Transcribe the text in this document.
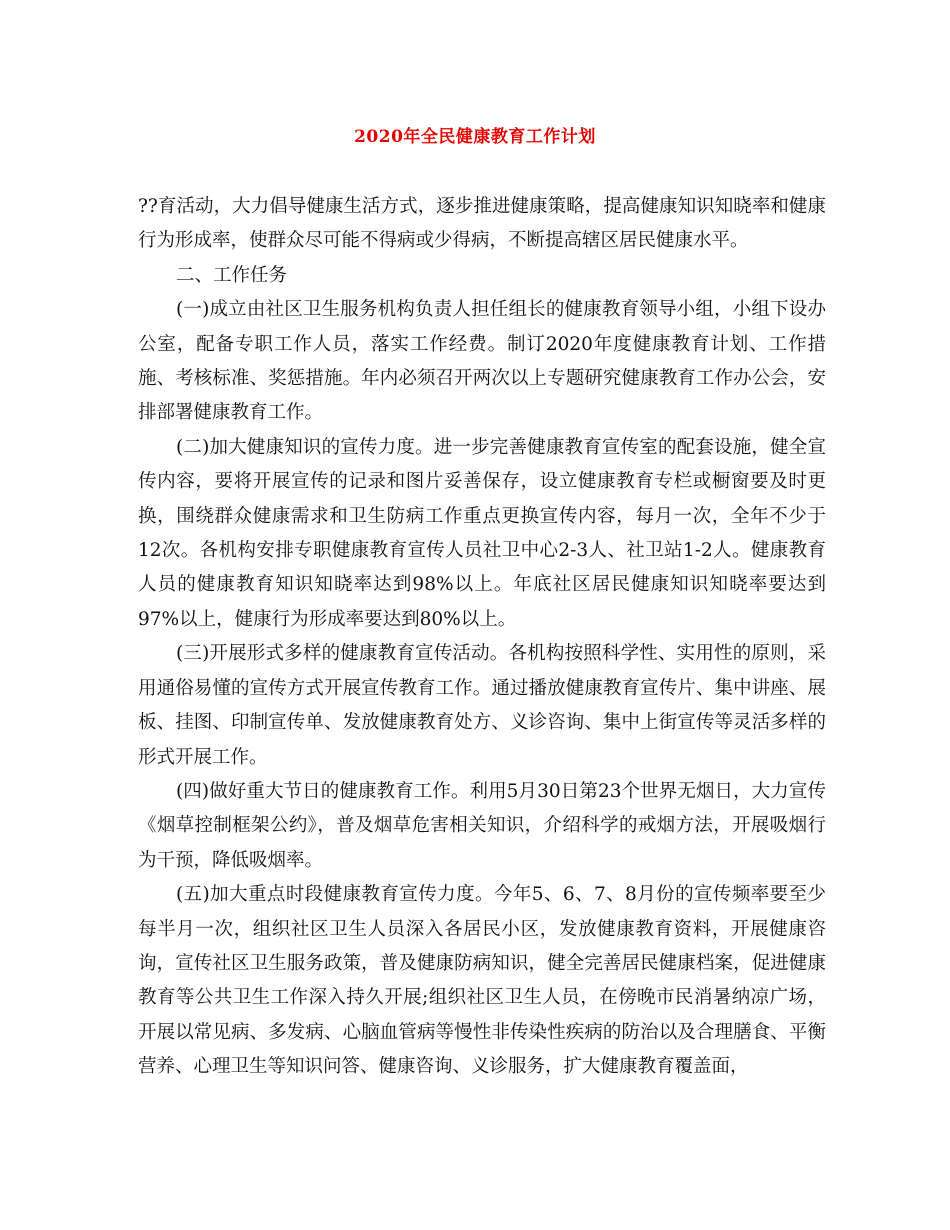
2020年全民健康教育工作计划

??育活动，大力倡导健康生活方式，逐步推进健康策略，提高健康知识知晓率和健康行为形成率，使群众尽可能不得病或少得病，不断提高辖区居民健康水平。

二、工作任务

(一)成立由社区卫生服务机构负责人担任组长的健康教育领导小组，小组下设办公室，配备专职工作人员，落实工作经费。制订2020年度健康教育计划、工作措施、考核标准、奖惩措施。年内必须召开两次以上专题研究健康教育工作办公会，安排部署健康教育工作。

(二)加大健康知识的宣传力度。进一步完善健康教育宣传室的配套设施，健全宣传内容，要将开展宣传的记录和图片妥善保存，设立健康教育专栏或橱窗要及时更换，围绕群众健康需求和卫生防病工作重点更换宣传内容，每月一次，全年不少于12次。各机构安排专职健康教育宣传人员社卫中心2-3人、社卫站1-2人。健康教育人员的健康教育知识知晓率达到98%以上。年底社区居民健康知识知晓率要达到97%以上，健康行为形成率要达到80%以上。

(三)开展形式多样的健康教育宣传活动。各机构按照科学性、实用性的原则，采用通俗易懂的宣传方式开展宣传教育工作。通过播放健康教育宣传片、集中讲座、展板、挂图、印制宣传单、发放健康教育处方、义诊咨询、集中上街宣传等灵活多样的形式开展工作。

(四)做好重大节日的健康教育工作。利用5月30日第23个世界无烟日，大力宣传《烟草控制框架公约》，普及烟草危害相关知识，介绍科学的戒烟方法，开展吸烟行为干预，降低吸烟率。

(五)加大重点时段健康教育宣传力度。今年5、6、7、8月份的宣传频率要至少每半月一次，组织社区卫生人员深入各居民小区，发放健康教育资料，开展健康咨询，宣传社区卫生服务政策，普及健康防病知识，健全完善居民健康档案，促进健康教育等公共卫生工作深入持久开展;组织社区卫生人员，在傍晚市民消暑纳凉广场，开展以常见病、多发病、心脑血管病等慢性非传染性疾病的防治以及合理膳食、平衡营养、心理卫生等知识问答、健康咨询、义诊服务，扩大健康教育覆盖面，
